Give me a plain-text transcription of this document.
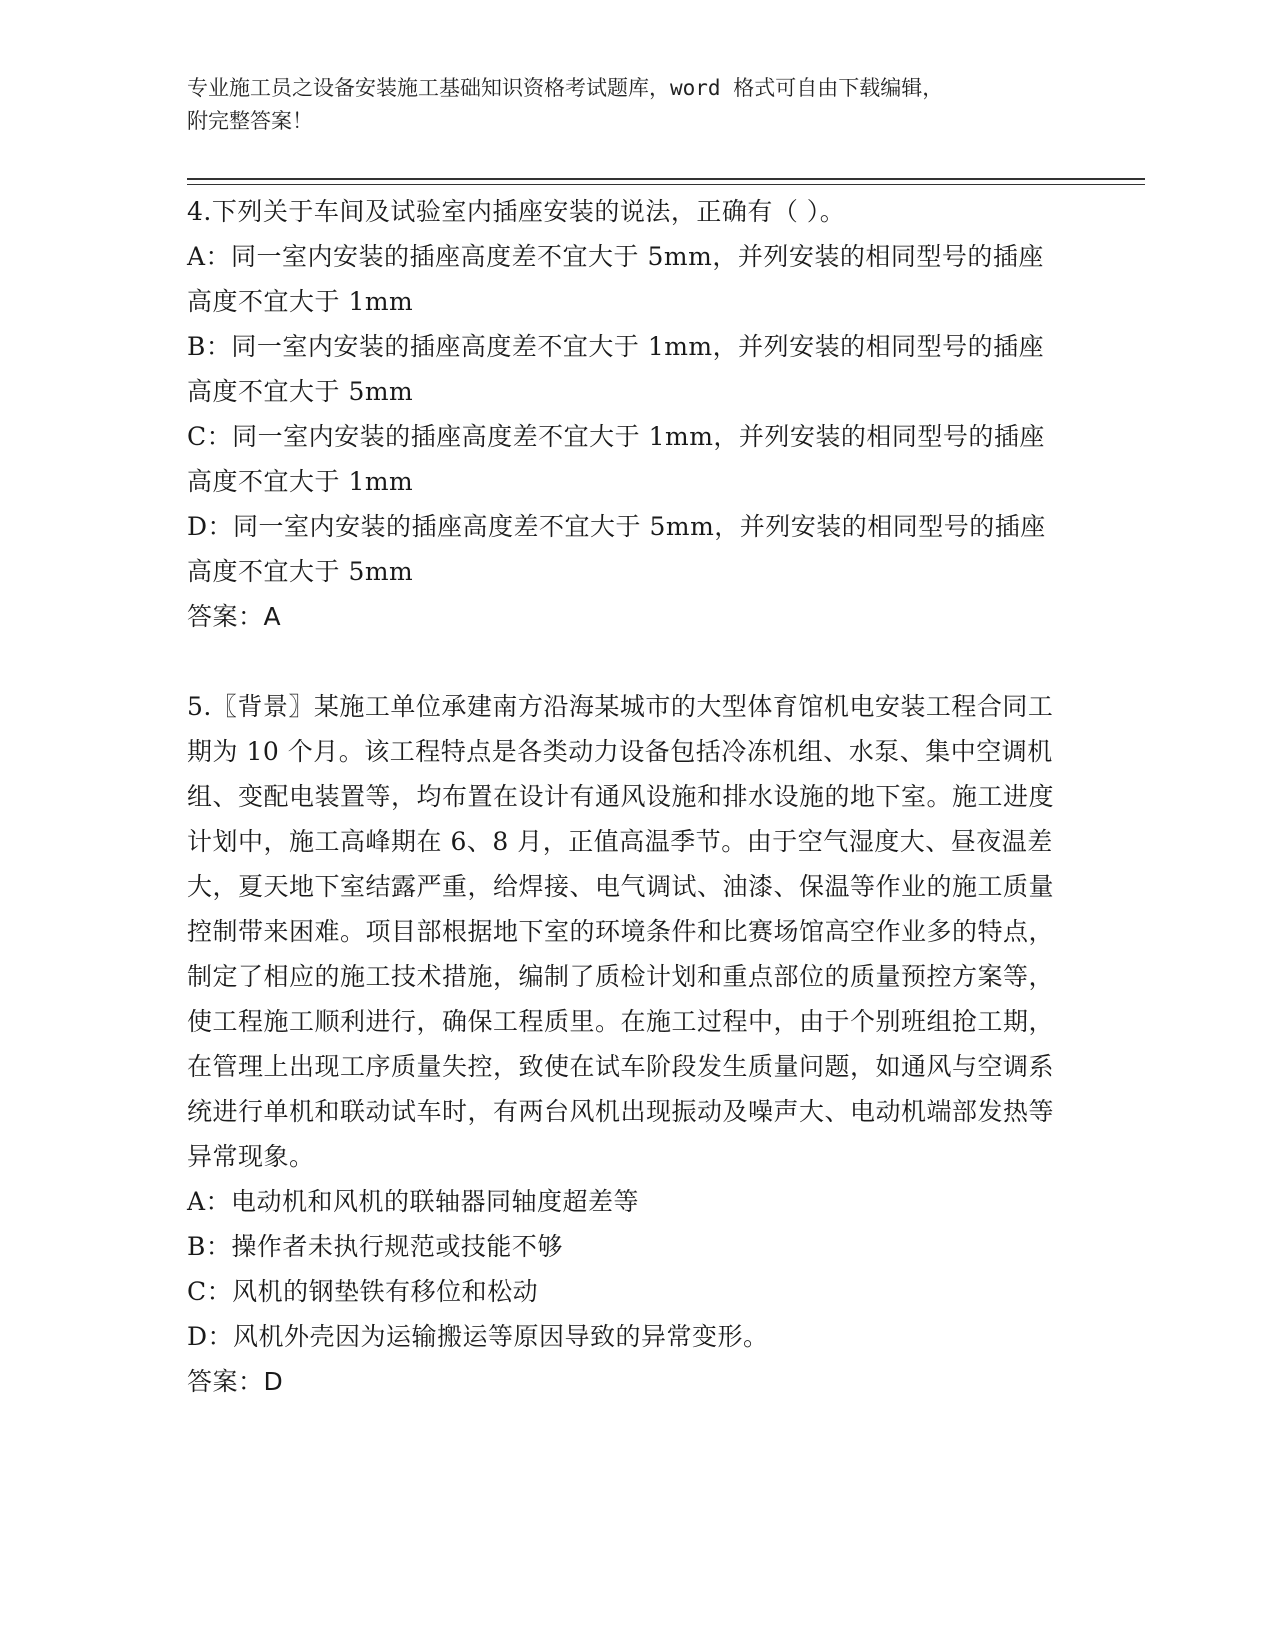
专业施工员之设备安装施工基础知识资格考试题库，word 格式可自由下载编辑，
附完整答案！
4.下列关于车间及试验室内插座安装的说法，正确有（ ）。
A：同一室内安装的插座高度差不宜大于 5mm，并列安装的相同型号的插座高度不宜大于 1mm
B：同一室内安装的插座高度差不宜大于 1mm，并列安装的相同型号的插座高度不宜大于 5mm
C：同一室内安装的插座高度差不宜大于 1mm，并列安装的相同型号的插座高度不宜大于 1mm
D：同一室内安装的插座高度差不宜大于 5mm，并列安装的相同型号的插座高度不宜大于 5mm
答案：A
5.〖背景〗某施工单位承建南方沿海某城市的大型体育馆机电安装工程合同工期为 10 个月。该工程特点是各类动力设备包括冷冻机组、水泵、集中空调机组、变配电装置等，均布置在设计有通风设施和排水设施的地下室。施工进度计划中，施工高峰期在 6、8 月，正值高温季节。由于空气湿度大、昼夜温差大，夏天地下室结露严重，给焊接、电气调试、油漆、保温等作业的施工质量控制带来困难。项目部根据地下室的环境条件和比赛场馆高空作业多的特点，制定了相应的施工技术措施，编制了质检计划和重点部位的质量预控方案等，使工程施工顺利进行，确保工程质里。在施工过程中，由于个别班组抢工期，在管理上出现工序质量失控，致使在试车阶段发生质量问题，如通风与空调系统进行单机和联动试车时，有两台风机出现振动及噪声大、电动机端部发热等异常现象。
A：电动机和风机的联轴器同轴度超差等
B：操作者未执行规范或技能不够
C：风机的钢垫铁有移位和松动
D：风机外壳因为运输搬运等原因导致的异常变形。
答案：D
